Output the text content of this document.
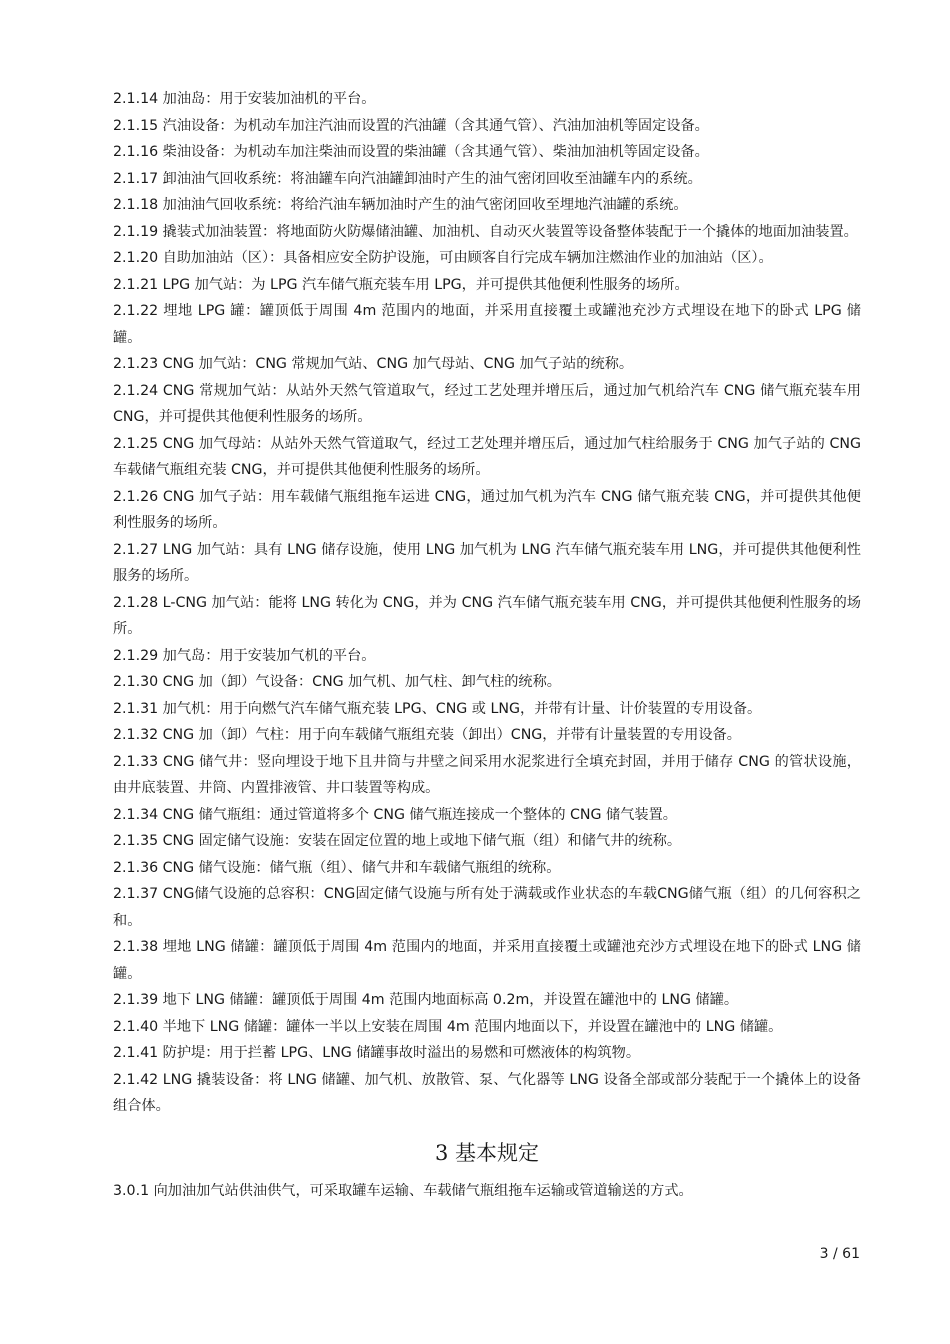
2.1.14 加油岛：用于安装加油机的平台。

2.1.15 汽油设备：为机动车加注汽油而设置的汽油罐（含其通气管）、汽油加油机等固定设备。

2.1.16 柴油设备：为机动车加注柴油而设置的柴油罐（含其通气管）、柴油加油机等固定设备。

2.1.17 卸油油气回收系统：将油罐车向汽油罐卸油时产生的油气密闭回收至油罐车内的系统。

2.1.18 加油油气回收系统：将给汽油车辆加油时产生的油气密闭回收至埋地汽油罐的系统。

2.1.19 撬装式加油装置：将地面防火防爆储油罐、加油机、自动灭火装置等设备整体装配于一个撬体的地面加油装置。

2.1.20 自助加油站（区）：具备相应安全防护设施，可由顾客自行完成车辆加注燃油作业的加油站（区）。

2.1.21 LPG 加气站：为 LPG 汽车储气瓶充装车用 LPG，并可提供其他便利性服务的场所。

2.1.22 埋地 LPG 罐：罐顶低于周围 4m 范围内的地面，并采用直接覆土或罐池充沙方式埋设在地下的卧式 LPG 储罐。

2.1.23 CNG 加气站：CNG 常规加气站、CNG 加气母站、CNG 加气子站的统称。

2.1.24 CNG 常规加气站：从站外天然气管道取气，经过工艺处理并增压后，通过加气机给汽车 CNG 储气瓶充装车用 CNG，并可提供其他便利性服务的场所。

2.1.25 CNG 加气母站：从站外天然气管道取气，经过工艺处理并增压后，通过加气柱给服务于 CNG 加气子站的 CNG 车载储气瓶组充装 CNG，并可提供其他便利性服务的场所。

2.1.26 CNG 加气子站：用车载储气瓶组拖车运进 CNG，通过加气机为汽车 CNG 储气瓶充装 CNG，并可提供其他便利性服务的场所。

2.1.27 LNG 加气站：具有 LNG 储存设施，使用 LNG 加气机为 LNG 汽车储气瓶充装车用 LNG，并可提供其他便利性服务的场所。

2.1.28 L-CNG 加气站：能将 LNG 转化为 CNG，并为 CNG 汽车储气瓶充装车用 CNG，并可提供其他便利性服务的场所。

2.1.29 加气岛：用于安装加气机的平台。

2.1.30 CNG 加（卸）气设备：CNG 加气机、加气柱、卸气柱的统称。

2.1.31 加气机：用于向燃气汽车储气瓶充装 LPG、CNG 或 LNG，并带有计量、计价装置的专用设备。

2.1.32 CNG 加（卸）气柱：用于向车载储气瓶组充装（卸出）CNG，并带有计量装置的专用设备。

2.1.33 CNG 储气井：竖向埋设于地下且井筒与井壁之间采用水泥浆进行全填充封固，并用于储存 CNG 的管状设施，由井底装置、井筒、内置排液管、井口装置等构成。

2.1.34 CNG 储气瓶组：通过管道将多个 CNG 储气瓶连接成一个整体的 CNG 储气装置。

2.1.35 CNG 固定储气设施：安装在固定位置的地上或地下储气瓶（组）和储气井的统称。

2.1.36 CNG 储气设施：储气瓶（组）、储气井和车载储气瓶组的统称。

2.1.37 CNG储气设施的总容积：CNG固定储气设施与所有处于满载或作业状态的车载CNG储气瓶（组）的几何容积之和。

2.1.38 埋地 LNG 储罐：罐顶低于周围 4m 范围内的地面，并采用直接覆土或罐池充沙方式埋设在地下的卧式 LNG 储罐。

2.1.39 地下 LNG 储罐：罐顶低于周围 4m 范围内地面标高 0.2m，并设置在罐池中的 LNG 储罐。

2.1.40 半地下 LNG 储罐：罐体一半以上安装在周围 4m 范围内地面以下，并设置在罐池中的 LNG 储罐。

2.1.41 防护堤：用于拦蓄 LPG、LNG 储罐事故时溢出的易燃和可燃液体的构筑物。

2.1.42 LNG 撬装设备：将 LNG 储罐、加气机、放散管、泵、气化器等 LNG 设备全部或部分装配于一个撬体上的设备组合体。

3 基本规定

3.0.1 向加油加气站供油供气，可采取罐车运输、车载储气瓶组拖车运输或管道输送的方式。

3 / 61
